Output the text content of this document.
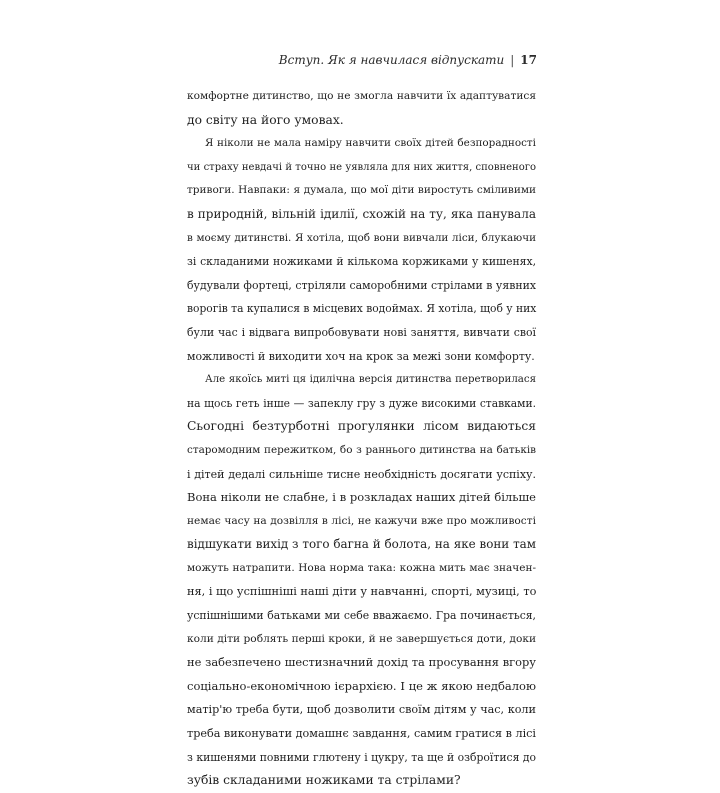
Вступ. Як я навчилася відпускати | 17
комфортне дитинство, що не змогла навчити їх адаптуватися
до світу на його умовах.
Я ніколи не мала наміру навчити своїх дітей безпорадності
чи страху невдачі й точно не уявляла для них життя, сповненого
тривоги. Навпаки: я думала, що мої діти виростуть сміливими
в природній, вільній ідилії, схожій на ту, яка панувала
в моєму дитинстві. Я хотіла, щоб вони вивчали ліси, блукаючи
зі складаними ножиками й кількома коржиками у кишенях,
будували фортеці, стріляли саморобними стрілами в уявних
ворогів та купалися в місцевих водоймах. Я хотіла, щоб у них
були час і відвага випробовувати нові заняття, вивчати свої
можливості й виходити хоч на крок за межі зони комфорту.
Але якоїсь миті ця ідилічна версія дитинства перетворилася
на щось геть інше — запеклу гру з дуже високими ставками.
Сьогодні безтурботні прогулянки лісом видаються
старомодним пережитком, бо з раннього дитинства на батьків
і дітей дедалі сильніше тисне необхідність досягати успіху.
Вона ніколи не слабне, і в розкладах наших дітей більше
немає часу на дозвілля в лісі, не кажучи вже про можливості
відшукати вихід з того багна й болота, на яке вони там
можуть натрапити. Нова норма така: кожна мить має значен-
ня, і що успішніші наші діти у навчанні, спорті, музиці, то
успішнішими батьками ми себе вважаємо. Гра починається,
коли діти роблять перші кроки, й не завершується доти, доки
не забезпечено шестизначний дохід та просування вгору
соціально-економічною ієрархією. І це ж якою недбалою
матір'ю треба бути, щоб дозволити своїм дітям у час, коли
треба виконувати домашнє завдання, самим гратися в лісі
з кишенями повними глютену і цукру, та ще й озброїтися до
зубів складаними ножиками та стрілами?
